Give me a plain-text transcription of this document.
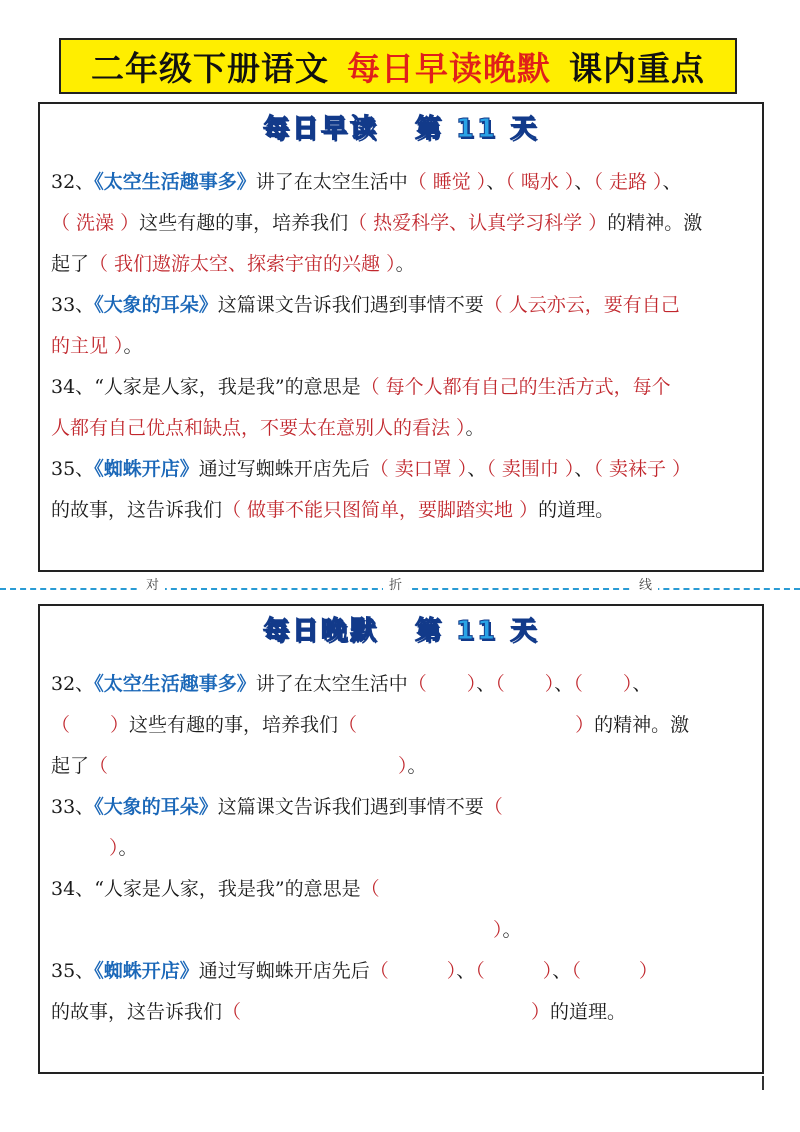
二年级下册语文 每日早读晚默 课内重点
每日早读 第 11 天
32、《太空生活趣事多》讲了在太空生活中（ 睡觉 ）、（ 喝水 ）、（ 走路 ）、
（ 洗澡 ）这些有趣的事，培养我们（ 热爱科学、认真学习科学 ）的精神。激
起了（ 我们遨游太空、探索宇宙的兴趣 ）。
33、《大象的耳朵》这篇课文告诉我们遇到事情不要（ 人云亦云，要有自己
的主见 ）。
34、“人家是人家，我是我”的意思是（ 每个人都有自己的生活方式，每个
人都有自己优点和缺点，不要太在意别人的看法 ）。
35、《蜘蛛开店》通过写蜘蛛开店先后（ 卖口罩 ）、（ 卖围巾 ）、（ 卖袜子 ）
的故事，这告诉我们（ 做事不能只图简单，要脚踏实地 ）的道理。
对	折	线
每日晚默 第 11 天
32、《太空生活趣事多》讲了在太空生活中（ ）、（ ）、（ ）、
（ ）这些有趣的事，培养我们（	）的精神。激
起了（	）。
33、《大象的耳朵》这篇课文告诉我们遇到事情不要（
）。
34、“人家是人家，我是我”的意思是（
）。
35、《蜘蛛开店》通过写蜘蛛开店先后（	）、（	）、（	）
的故事，这告诉我们（	）的道理。
